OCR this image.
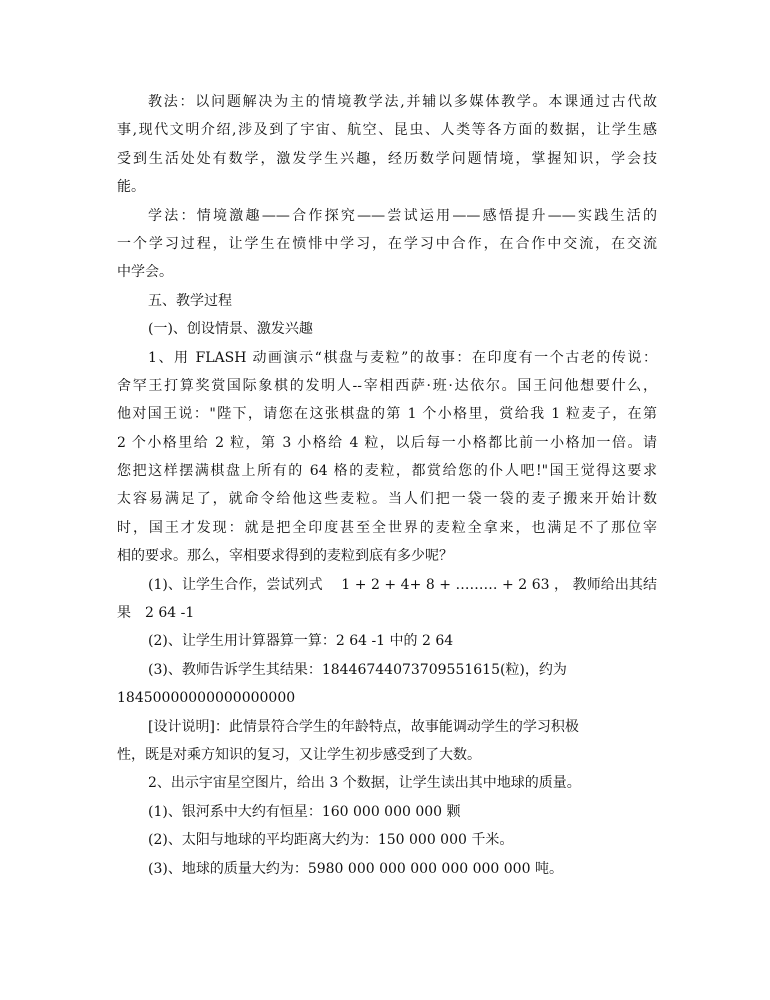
教法：以问题解决为主的情境教学法,并辅以多媒体教学。本课通过古代故
事,现代文明介绍,涉及到了宇宙、航空、昆虫、人类等各方面的数据，让学生感
受到生活处处有数学，激发学生兴趣，经历数学问题情境，掌握知识，学会技
能。
学法：情境激趣——合作探究——尝试运用——感悟提升——实践生活的
一个学习过程，让学生在愤悱中学习，在学习中合作，在合作中交流，在交流
中学会。
五、教学过程
(一)、创设情景、激发兴趣
1、用 FLASH 动画演示“棋盘与麦粒”的故事：在印度有一个古老的传说：
舍罕王打算奖赏国际象棋的发明人--宰相西萨·班·达依尔。国王问他想要什么，
他对国王说："陛下，请您在这张棋盘的第 1 个小格里，赏给我 1 粒麦子，在第
2 个小格里给 2 粒，第 3 小格给 4 粒，以后每一小格都比前一小格加一倍。请
您把这样摆满棋盘上所有的 64 格的麦粒，都赏给您的仆人吧!"国王觉得这要求
太容易满足了，就命令给他这些麦粒。当人们把一袋一袋的麦子搬来开始计数
时，国王才发现：就是把全印度甚至全世界的麦粒全拿来，也满足不了那位宰
相的要求。那么，宰相要求得到的麦粒到底有多少呢？
(1)、让学生合作，尝试列式　 1 + 2 + 4+ 8 + ……… + 2 63 ， 教师给出其结
果　2 64 -1
(2)、让学生用计算器算一算：2 64 -1 中的 2 64
(3)、教师告诉学生其结果：18446744073709551615(粒)，约为
18450000000000000000
[设计说明]：此情景符合学生的年龄特点，故事能调动学生的学习积极
性，既是对乘方知识的复习，又让学生初步感受到了大数。
2、出示宇宙星空图片，给出 3 个数据，让学生读出其中地球的质量。
(1)、银河系中大约有恒星：160 000 000 000 颗
(2)、太阳与地球的平均距离大约为：150 000 000 千米。
(3)、地球的质量大约为：5980 000 000 000 000 000 000 吨。
